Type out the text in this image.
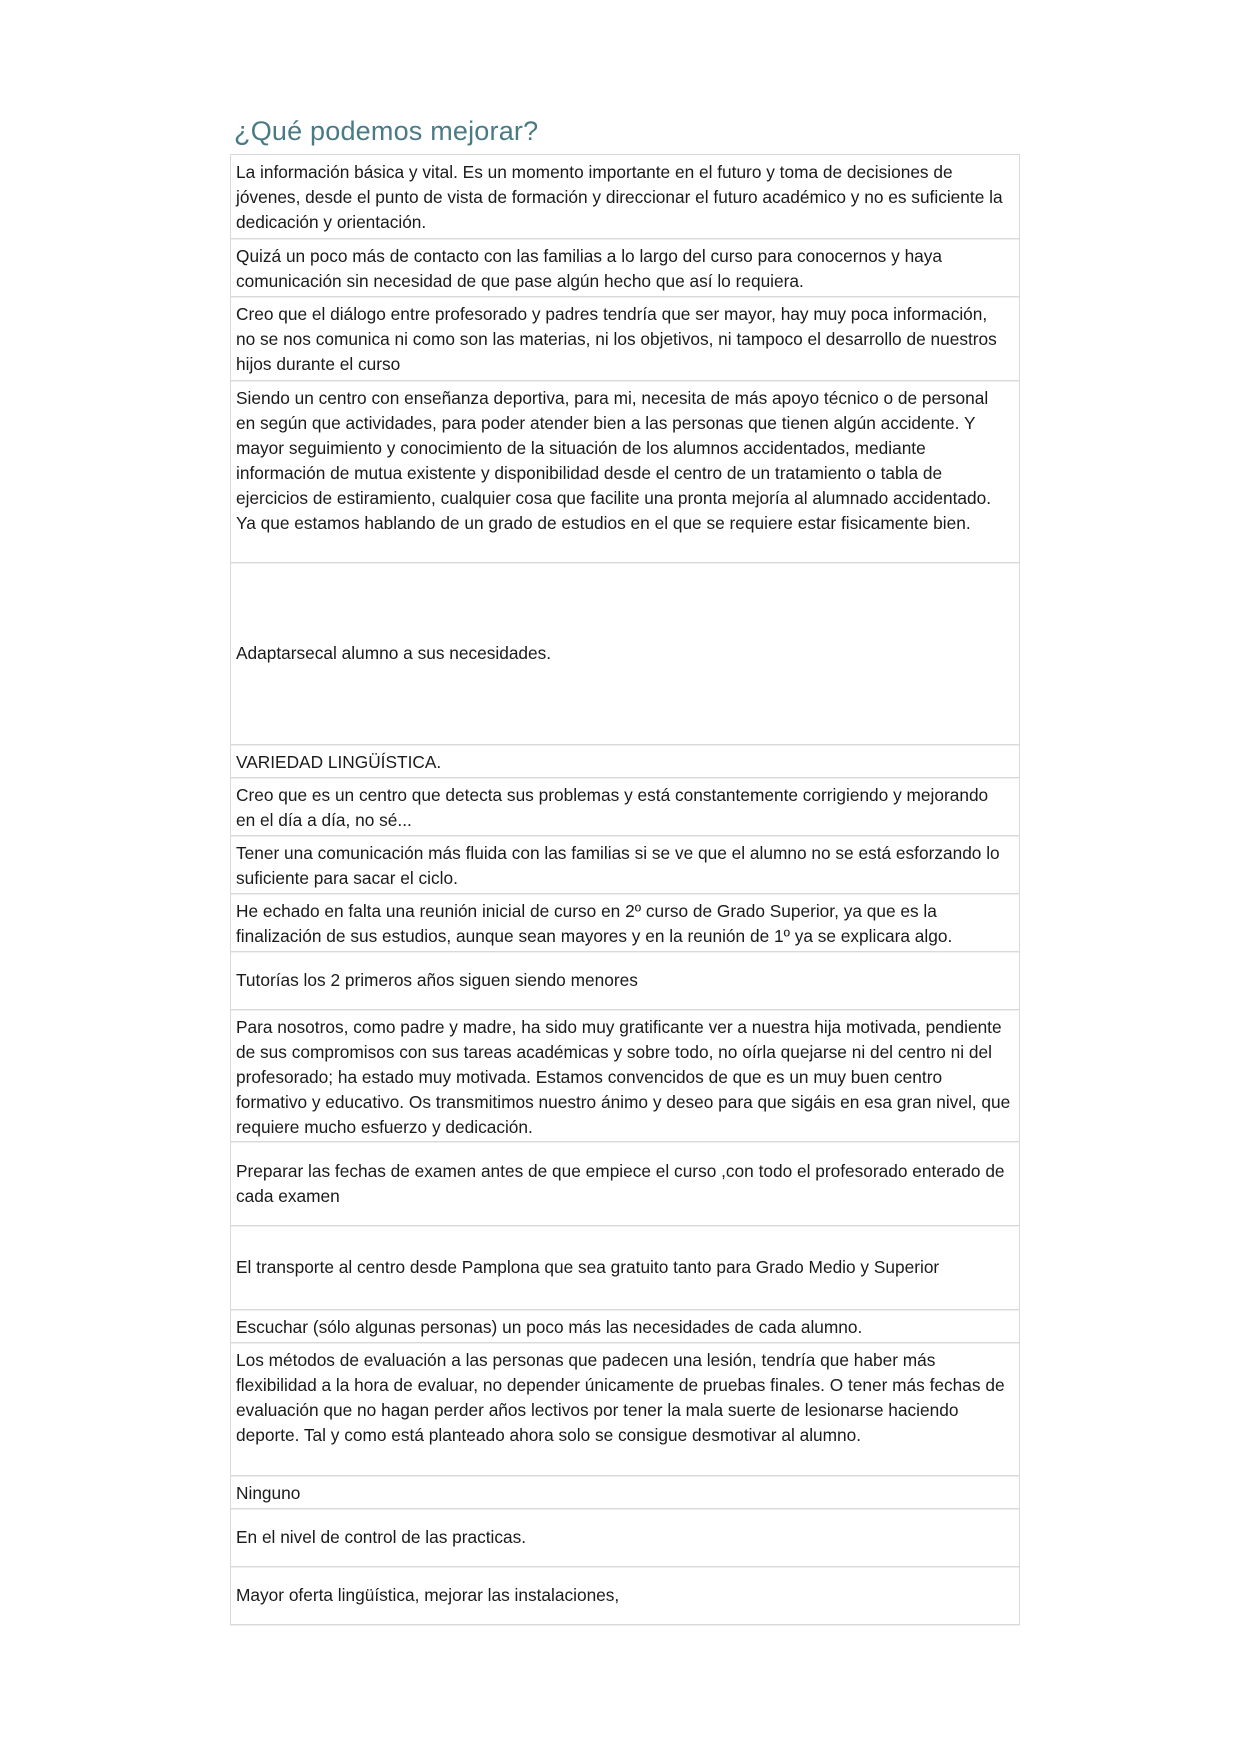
¿Qué podemos mejorar?
La información básica y vital. Es un momento importante en el futuro y toma de decisiones de jóvenes, desde el punto de vista de formación y direccionar el futuro académico y no es suficiente la dedicación y orientación.
Quizá un poco más de contacto con las familias a lo largo del curso para conocernos y haya comunicación sin necesidad de que pase algún hecho que así lo requiera.
Creo que el diálogo entre profesorado y padres tendría que ser mayor, hay muy poca información, no se nos comunica ni como son las materias, ni los objetivos, ni tampoco el desarrollo de nuestros hijos durante el curso
Siendo un centro con enseñanza deportiva, para mi, necesita de más apoyo técnico o de personal en según que actividades, para poder atender bien a las personas que tienen algún accidente. Y mayor seguimiento y conocimiento de la situación de los alumnos accidentados, mediante información de mutua existente y disponibilidad desde el centro de un tratamiento o tabla de ejercicios de estiramiento, cualquier cosa que facilite una pronta mejoría al alumnado accidentado. Ya que estamos hablando de un grado de estudios en el que se requiere estar fisicamente bien.
Adaptarsecal alumno a sus necesidades.
VARIEDAD LINGÜÍSTICA.
Creo que es un centro que detecta sus problemas y está constantemente corrigiendo y mejorando en el día a día, no sé...
Tener una comunicación más fluida con las familias si se ve que el alumno no se está esforzando lo suficiente para sacar el ciclo.
He echado en falta una reunión inicial de curso en 2º curso de Grado Superior, ya que es la finalización de sus estudios, aunque sean mayores y en la reunión de 1º ya se explicara algo.
Tutorías los 2 primeros años siguen siendo menores
Para nosotros, como padre y madre, ha sido muy gratificante ver a nuestra hija motivada, pendiente de sus compromisos con sus tareas académicas y sobre todo, no oírla quejarse ni del centro ni del profesorado; ha estado muy motivada. Estamos convencidos de que es un muy buen centro formativo y educativo. Os transmitimos nuestro ánimo y deseo para que sigáis en esa gran nivel, que requiere mucho esfuerzo y dedicación.
Preparar las fechas de examen antes de que empiece el curso ,con todo el profesorado enterado de cada examen
El transporte al centro desde Pamplona que sea gratuito tanto para Grado Medio y Superior
Escuchar (sólo algunas personas) un poco más las necesidades de cada alumno.
Los métodos de evaluación a las personas que padecen una lesión, tendría que haber más flexibilidad a la hora de evaluar, no depender únicamente de pruebas finales. O tener más fechas de evaluación que no hagan perder años lectivos por tener la mala suerte de lesionarse haciendo deporte. Tal y como está planteado ahora solo se consigue desmotivar al alumno.
Ninguno
En el nivel de control de las practicas.
Mayor oferta lingüística, mejorar las instalaciones,
